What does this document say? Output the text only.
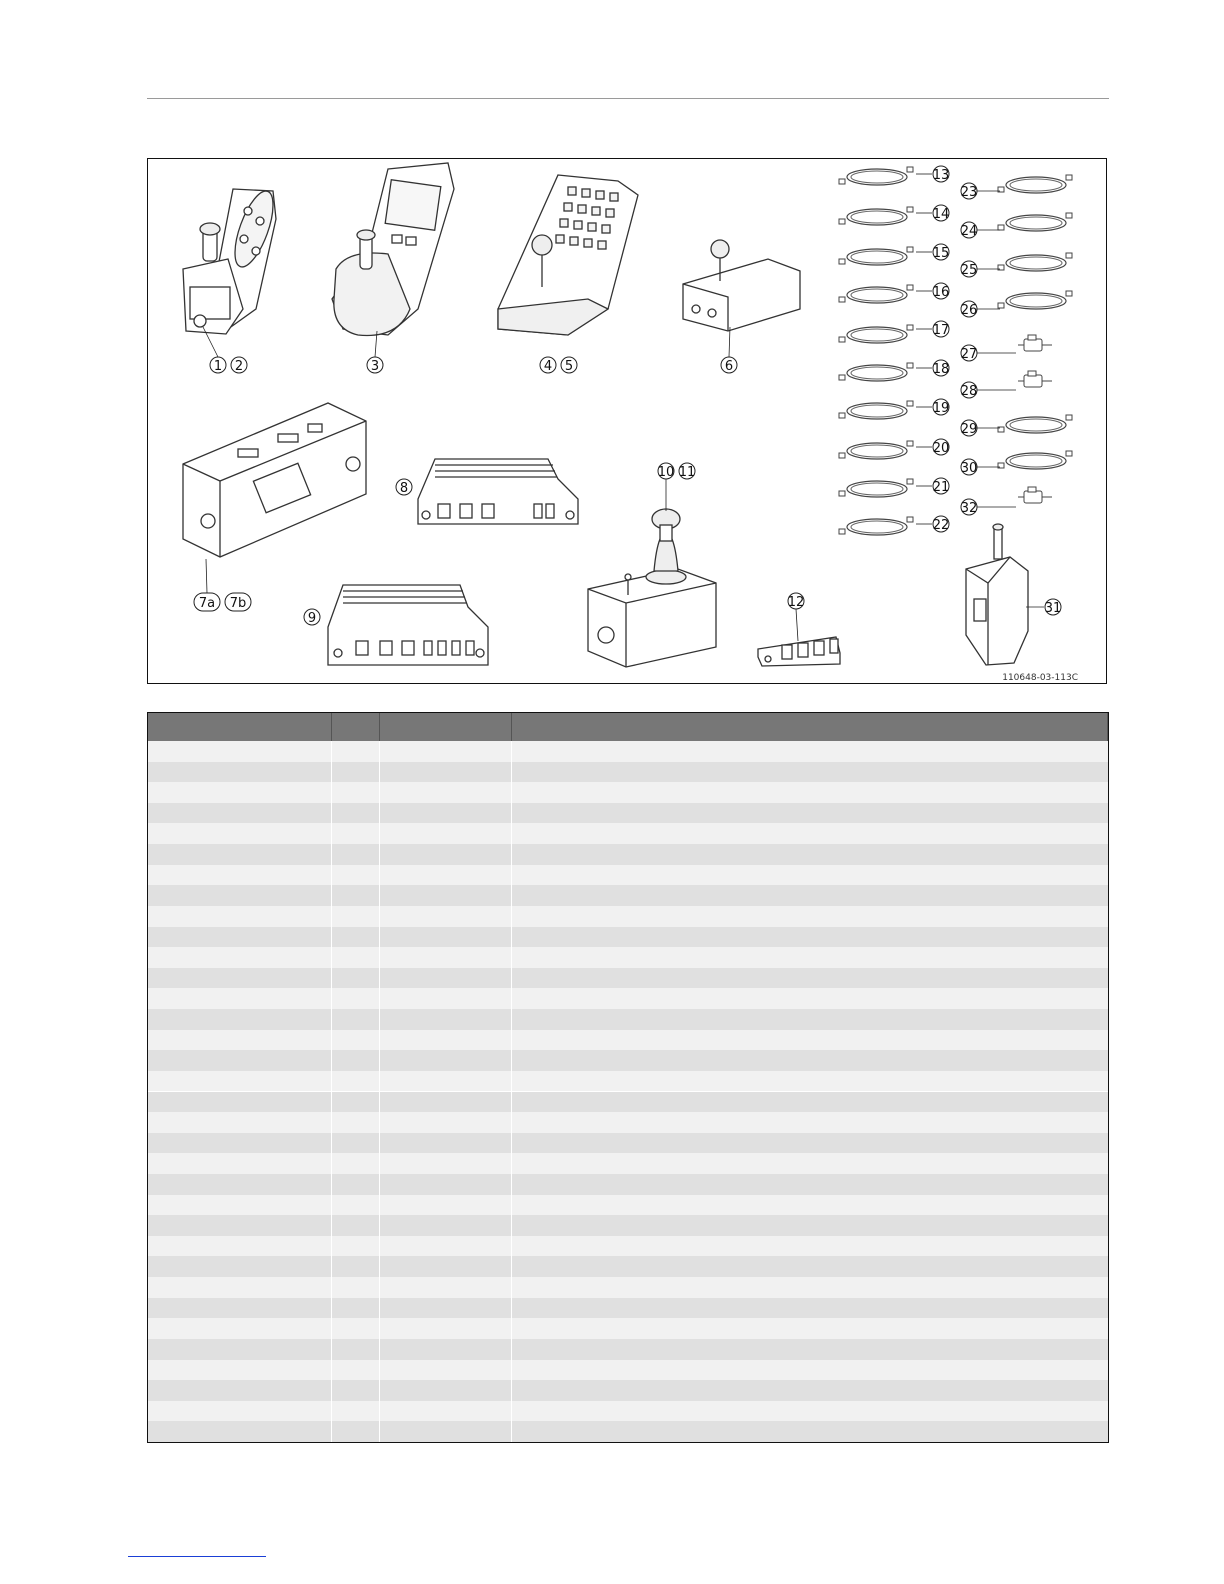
1 2	3	4 5	6
7a 7b
8
9
10 11
12
13
14
15
16
17
18
19
20
21
22
23
24
25
26
27
28
29
30
32
31
110648-03-113C
